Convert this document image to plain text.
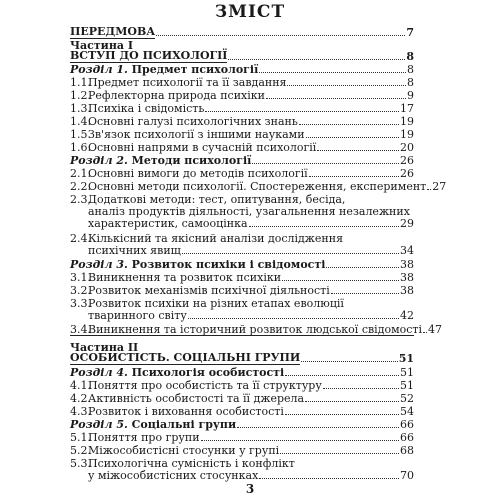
ЗМІСТ
ПЕРЕДМОВА	7
Частина І
ВСТУП ДО ПСИХОЛОГІЇ	8
Розділ 1. Предмет психології	8
1.1.Предмет психології та її завдання	8
1.2.Рефлекторна природа психіки	9
1.3.Психіка і свідомість	17
1.4.Основні галузі психологічних знань	19
1.5.Зв'язок психології з іншими науками	19
1.6.Основні напрями в сучасній психології	20
Розділ 2. Методи психології	26
2.1.Основні вимоги до методів психології	26
2.2.Основні методи психології. Спостереження, експеримент 27
2.3.Додаткові методи: тест, опитування, бесіда,
аналіз продуктів діяльності, узагальнення незалежних
характеристик, самооцінка	29
2.4.Кількісний та якісний аналізи дослідження
психічних явищ	34
Розділ 3. Розвиток психіки і свідомості	38
3.1.Виникнення та розвиток психіки	38
3.2.Розвиток механізмів психічної діяльності	38
3.3.Розвиток психіки на різних етапах еволюції
тваринного світу	42
3.4.Виникнення та історичний розвиток людської свідомості 47
Частина ІІ
ОСОБИСТІСТЬ. СОЦІАЛЬНІ ГРУПИ	51
Розділ 4. Психологія особистості	51
4.1.Поняття про особистість та її структуру	51
4.2.Активність особистості та її джерела	52
4.3.Розвиток і виховання особистості	54
Розділ 5. Соціальні групи	66
5.1.Поняття про групи	66
5.2.Міжособистісні стосунки у групі	68
5.3.Психологічна сумісність і конфлікт
у міжособистісних стосунках	70
3
